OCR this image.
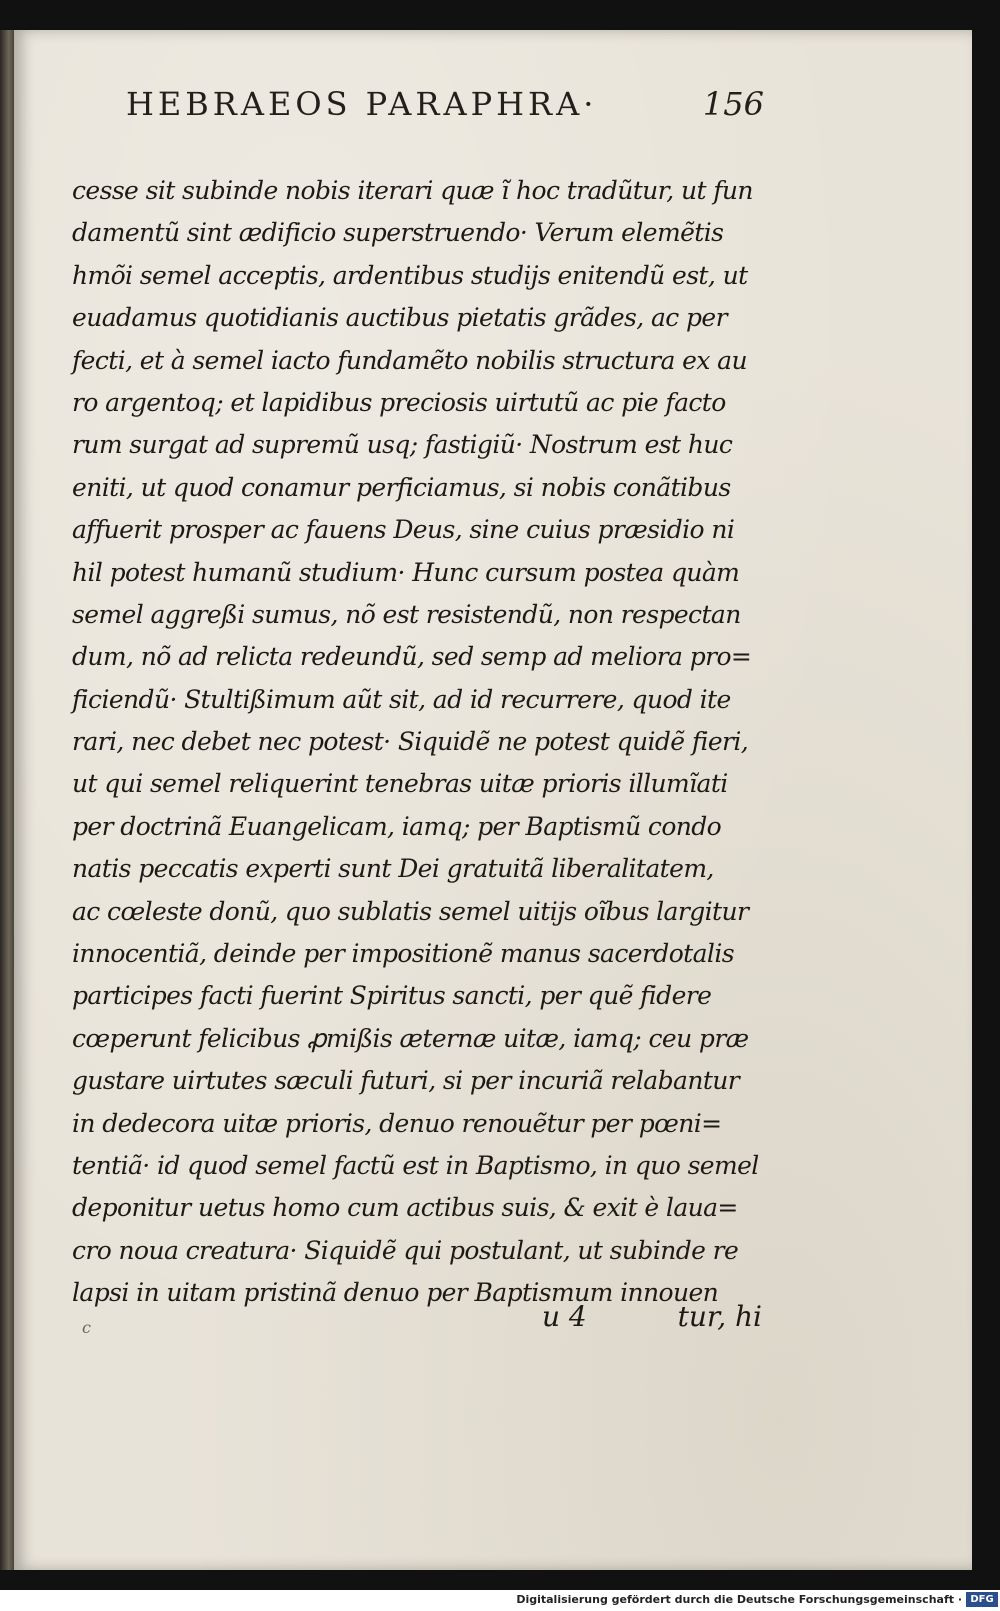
HEBRAEOS PARAPHRA·	156
cesse sit subinde nobis iterari quæ ĩ hoc tradũtur, ut fun
damentũ sint ædificio superstruendo· Verum elemẽtis
hmõi semel acceptis, ardentibus studijs enitendũ est, ut
euadamus quotidianis auctibus pietatis grãdes, ac per
fecti, et à semel iacto fundamẽto nobilis structura ex au
ro argentoq; et lapidibus preciosis uirtutũ ac pie facto
rum surgat ad supremũ usq; fastigiũ· Nostrum est huc
eniti, ut quod conamur perficiamus, si nobis conãtibus
affuerit prosper ac fauens Deus, sine cuius præsidio ni
hil potest humanũ studium· Hunc cursum postea quàm
semel aggreßi sumus, nõ est resistendũ, non respectan
dum, nõ ad relicta redeundũ, sed semp ad meliora pro=
ficiendũ· Stultißimum aũt sit, ad id recurrere, quod ite
rari, nec debet nec potest· Siquidẽ ne potest quidẽ fieri,
ut qui semel reliquerint tenebras uitæ prioris illumĩati
per doctrinã Euangelicam, iamq; per Baptismũ condo
natis peccatis experti sunt Dei gratuitã liberalitatem,
ac cœleste donũ, quo sublatis semel uitijs oĩbus largitur
innocentiã, deinde per impositionẽ manus sacerdotalis
participes facti fuerint Spiritus sancti, per quẽ fidere
cœperunt felicibus ꝓmißis æternæ uitæ, iamq; ceu præ
gustare uirtutes sæculi futuri, si per incuriã relabantur
in dedecora uitæ prioris, denuo renouẽtur per pœni=
tentiã· id quod semel factũ est in Baptismo, in quo semel
deponitur uetus homo cum actibus suis, & exit è laua=
cro noua creatura· Siquidẽ qui postulant, ut subinde re
lapsi in uitam pristinã denuo per Baptismum innouen
c	u 4	tur, hi
Digitalisierung gefördert durch die Deutsche Forschungsgemeinschaft · DFG
